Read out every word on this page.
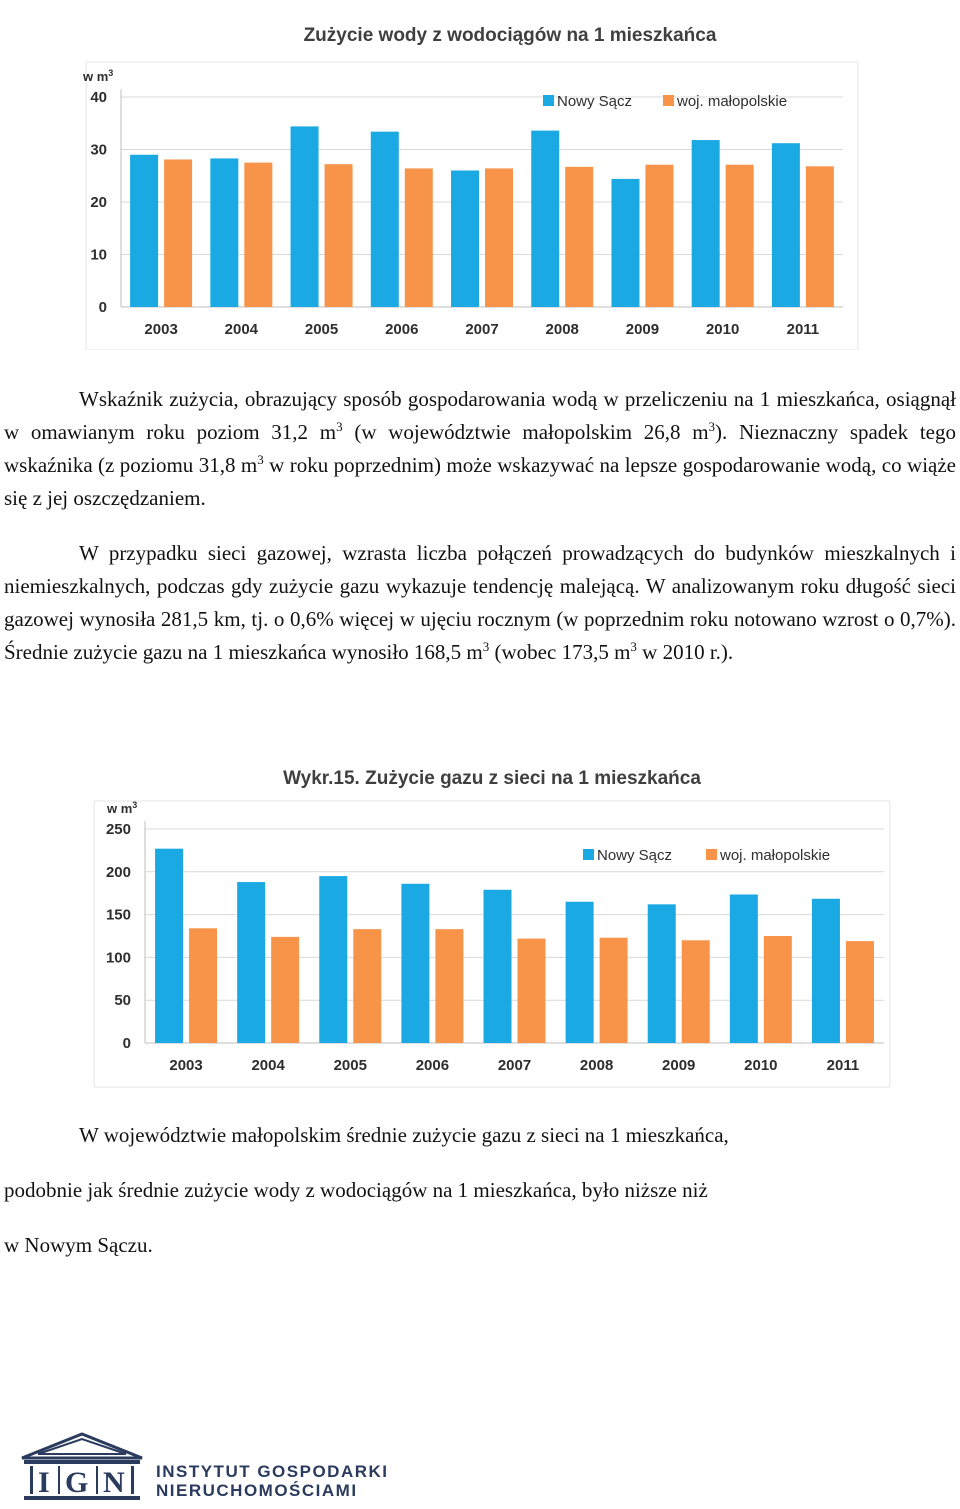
Zużycie wody z wodociągów na 1 mieszkańca
w $m^3$
0
10
20
30
40
2003	2004	2005	2006	2007	2008	2009	2010	2011
Nowy Sącz	woj. małopolskie

Wskaźnik zużycia, obrazujący sposób gospodarowania wodą w przeliczeniu na 1 mieszkańca, osiągnął w omawianym roku poziom 31,2 $m^3$ (w województwie małopolskim 26,8 $m^3$). Nieznaczny spadek tego wskaźnika (z poziomu 31,8 $m^3$ w roku poprzednim) może wskazywać na lepsze gospodarowanie wodą, co wiąże się z jej oszczędzaniem.

W przypadku sieci gazowej, wzrasta liczba połączeń prowadzących do budynków mieszkalnych i niemieszkalnych, podczas gdy zużycie gazu wykazuje tendencję malejącą. W analizowanym roku długość sieci gazowej wynosiła 281,5 km, tj. o 0,6% więcej w ujęciu rocznym (w poprzednim roku notowano wzrost o 0,7%). Średnie zużycie gazu na 1 mieszkańca wynosiło 168,5 $m^3$ (wobec 173,5 $m^3$ w 2010 r.).

Wykr.15. Zużycie gazu z sieci na 1 mieszkańca
w $m^3$
0
50
100
150
200
250
2003	2004	2005	2006	2007	2008	2009	2010	2011
Nowy Sącz	woj. małopolskie
W województwie małopolskim średnie zużycie gazu z sieci na 1 mieszkańca,
podobnie jak średnie zużycie wody z wodociągów na 1 mieszkańca, było niższe niż
w Nowym Sączu.
I G N INSTYTUT GOSPODARKI
NIERUCHOMOŚCIAMI
